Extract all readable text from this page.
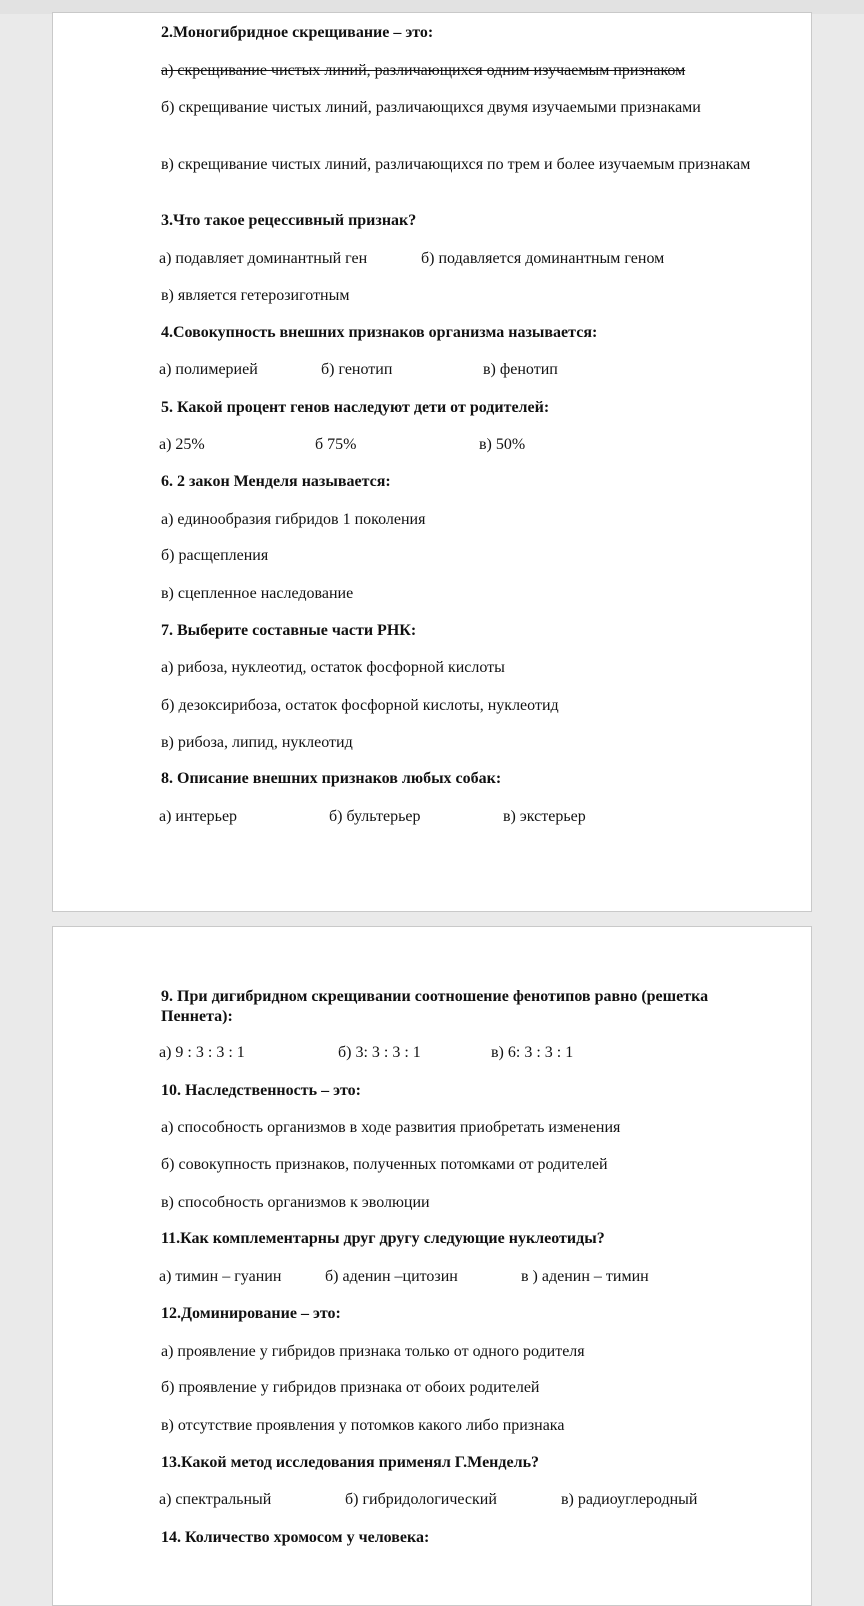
2.Моногибридное скрещивание – это:
а) скрещивание чистых линий, различающихся одним изучаемым признаком
б) скрещивание чистых линий, различающихся двумя изучаемыми признаками
в) скрещивание чистых линий, различающихся по трем и более изучаемым признакам
3.Что такое рецессивный признак?
а) подавляет доминантный ген	б) подавляется доминантным геном
в) является гетерозиготным
4.Совокупность внешних признаков организма называется:
а) полимерией	б) генотип	в) фенотип
5. Какой процент генов наследуют дети от родителей:
а) 25%	б 75%	в) 50%
6. 2 закон Менделя называется:
а) единообразия гибридов 1 поколения
б) расщепления
в) сцепленное наследование
7. Выберите составные части РНК:
а) рибоза, нуклеотид, остаток фосфорной кислоты
б) дезоксирибоза, остаток фосфорной кислоты, нуклеотид
в) рибоза, липид, нуклеотид
8. Описание внешних признаков любых собак:
а) интерьер	б) бультерьер	в) экстерьер
9. При дигибридном скрещивании соотношение фенотипов равно (решетка Пеннета):
а) 9 : 3 : 3 : 1	б) 3: 3 : 3 : 1	в) 6: 3 : 3 : 1
10. Наследственность – это:
а) способность организмов в ходе развития приобретать изменения
б) совокупность признаков, полученных потомками от родителей
в) способность организмов к эволюции
11.Как комплементарны друг другу следующие нуклеотиды?
а) тимин – гуанин	б) аденин –цитозин	в ) аденин – тимин
12.Доминирование – это:
а) проявление у гибридов признака только от одного родителя
б) проявление у гибридов признака от обоих родителей
в) отсутствие проявления у потомков какого либо признака
13.Какой метод исследования применял Г.Мендель?
а) спектральный	б) гибридологический	в) радиоуглеродный
14. Количество хромосом у человека:
